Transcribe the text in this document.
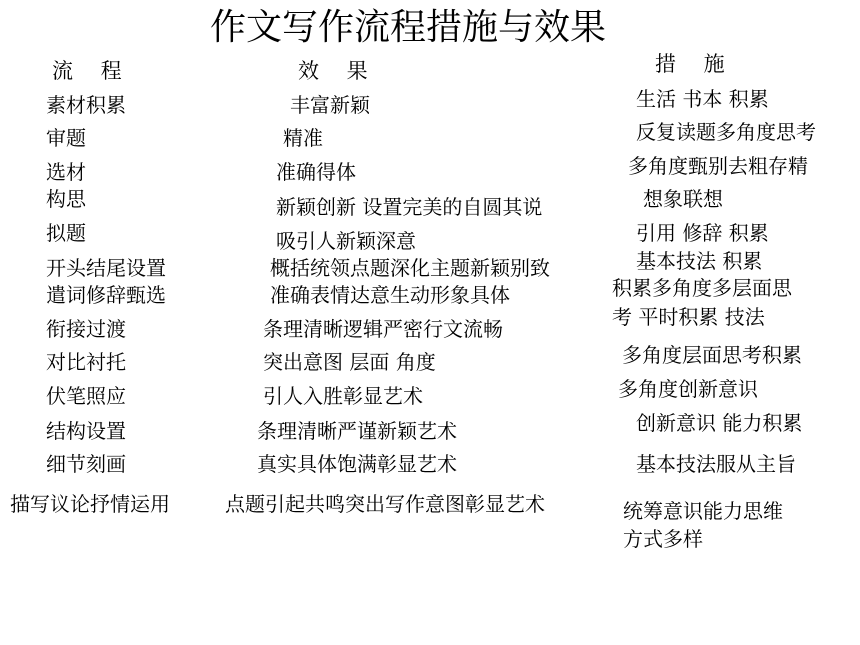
作文写作流程措施与效果
流　 程	效　 果	措　 施
素材积累
审题
选材
构思
拟题
开头结尾设置
遣词修辞甄选
衔接过渡
对比衬托
伏笔照应
结构设置
细节刻画
描写议论抒情运用
丰富新颖
精准
准确得体
新颖创新 设置完美的自圆其说
吸引人新颖深意
概括统领点题深化主题新颖别致
准确表情达意生动形象具体
条理清晰逻辑严密行文流畅
突出意图 层面 角度
引人入胜彰显艺术
条理清晰严谨新颖艺术
真实具体饱满彰显艺术
点题引起共鸣突出写作意图彰显艺术
生活 书本 积累
反复读题多角度思考
多角度甄别去粗存精
想象联想
引用 修辞 积累
基本技法 积累
积累多角度多层面思
考 平时积累 技法
多角度层面思考积累
多角度创新意识
创新意识 能力积累
基本技法服从主旨
统筹意识能力思维
方式多样
